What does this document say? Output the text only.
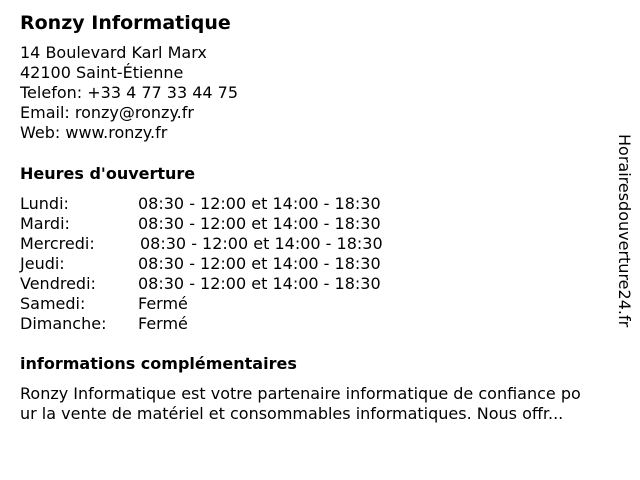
Ronzy Informatique
14 Boulevard Karl Marx
42100 Saint-Étienne
Telefon: +33 4 77 33 44 75
Email: ronzy@ronzy.fr
Web: www.ronzy.fr
Heures d'ouverture
Lundi:	08:30 - 12:00 et 14:00 - 18:30
Mardi:	08:30 - 12:00 et 14:00 - 18:30
Mercredi:	08:30 - 12:00 et 14:00 - 18:30
Jeudi:	08:30 - 12:00 et 14:00 - 18:30
Vendredi:	08:30 - 12:00 et 14:00 - 18:30
Samedi:	Fermé
Dimanche: Fermé
informations complémentaires
Ronzy Informatique est votre partenaire informatique de confiance po
ur la vente de matériel et consommables informatiques. Nous offr...
Horairesdouverture24.fr
